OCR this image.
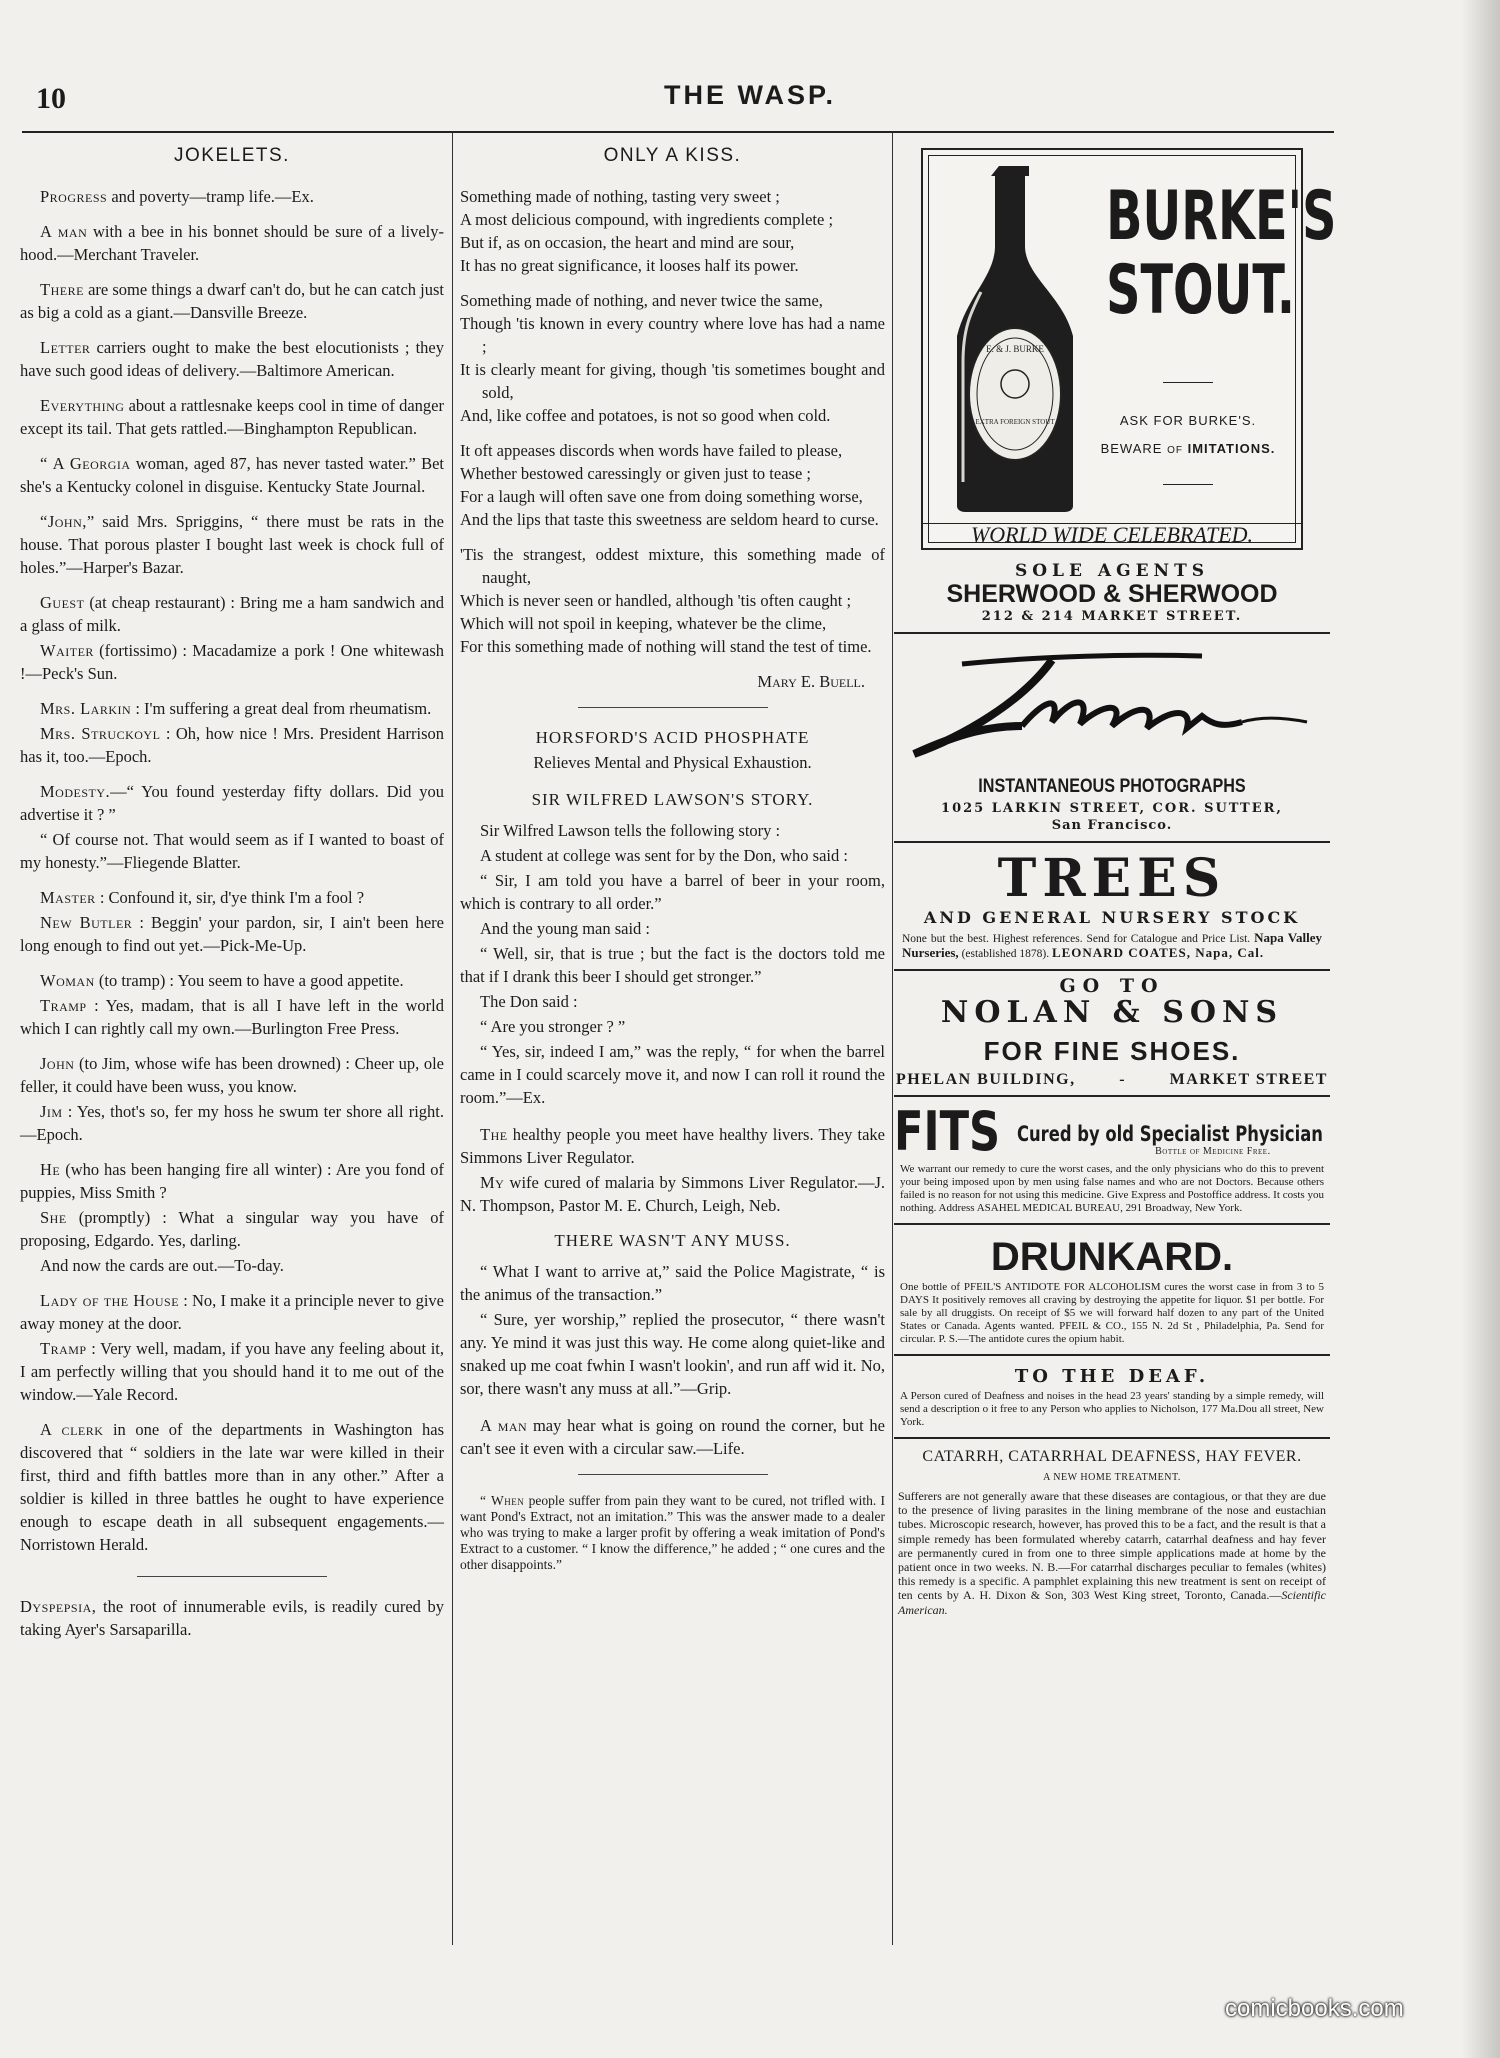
10	THE WASP.
JOKELETS.

Progress and poverty—tramp life.—Ex.

A man with a bee in his bonnet should be sure of a lively-hood.—Merchant Traveler.

There are some things a dwarf can't do, but he can catch just as big a cold as a giant.—Dansville Breeze.

Letter carriers ought to make the best elocutionists ; they have such good ideas of delivery.—Baltimore American.

Everything about a rattlesnake keeps cool in time of danger except its tail. That gets rattled.—Binghampton Republican.

“ A Georgia woman, aged 87, has never tasted water.” Bet she's a Kentucky colonel in disguise. Kentucky State Journal.

“John,” said Mrs. Spriggins, “ there must be rats in the house. That porous plaster I bought last week is chock full of holes.”—Harper's Bazar.

Guest (at cheap restaurant) : Bring me a ham sandwich and a glass of milk.

Waiter (fortissimo) : Macadamize a pork ! One whitewash !—Peck's Sun.

Mrs. Larkin : I'm suffering a great deal from rheumatism.

Mrs. Struckoyl : Oh, how nice ! Mrs. President Harrison has it, too.—Epoch.

Modesty.—“ You found yesterday fifty dollars. Did you advertise it ? ”

“ Of course not. That would seem as if I wanted to boast of my honesty.”—Fliegende Blatter.

Master : Confound it, sir, d'ye think I'm a fool ?

New Butler : Beggin' your pardon, sir, I ain't been here long enough to find out yet.—Pick-Me-Up.

Woman (to tramp) : You seem to have a good appetite.

Tramp : Yes, madam, that is all I have left in the world which I can rightly call my own.—Burlington Free Press.

John (to Jim, whose wife has been drowned) : Cheer up, ole feller, it could have been wuss, you know.

Jim : Yes, thot's so, fer my hoss he swum ter shore all right.—Epoch.

He (who has been hanging fire all winter) : Are you fond of puppies, Miss Smith ?

She (promptly) : What a singular way you have of proposing, Edgardo. Yes, darling.

And now the cards are out.—To-day.

Lady of the House : No, I make it a principle never to give away money at the door.

Tramp : Very well, madam, if you have any feeling about it, I am perfectly willing that you should hand it to me out of the window.—Yale Record.

A clerk in one of the departments in Washington has discovered that “ soldiers in the late war were killed in their first, third and fifth battles more than in any other.” After a soldier is killed in three battles he ought to have experience enough to escape death in all subsequent engagements.—Norristown Herald.

Dyspepsia, the root of innumerable evils, is readily cured by taking Ayer's Sarsaparilla.

ONLY A KISS.
Something made of nothing, tasting very sweet ;
A most delicious compound, with ingredients complete ;
But if, as on occasion, the heart and mind are sour,
It has no great significance, it looses half its power.
Something made of nothing, and never twice the same,
Though 'tis known in every country where love has had a name ;
It is clearly meant for giving, though 'tis sometimes bought and sold,
And, like coffee and potatoes, is not so good when cold.
It oft appeases discords when words have failed to please,
Whether bestowed caressingly or given just to tease ;
For a laugh will often save one from doing something worse,
And the lips that taste this sweetness are seldom heard to curse.
'Tis the strangest, oddest mixture, this something made of naught,
Which is never seen or handled, although 'tis often caught ;
Which will not spoil in keeping, whatever be the clime,
For this something made of nothing will stand the test of time.
Mary E. Buell.
HORSFORD'S ACID PHOSPHATE
Relieves Mental and Physical Exhaustion.
SIR WILFRED LAWSON'S STORY.

Sir Wilfred Lawson tells the following story :

A student at college was sent for by the Don, who said :

“ Sir, I am told you have a barrel of beer in your room, which is contrary to all order.”

And the young man said :

“ Well, sir, that is true ; but the fact is the doctors told me that if I drank this beer I should get stronger.”

The Don said :

“ Are you stronger ? ”

“ Yes, sir, indeed I am,” was the reply, “ for when the barrel came in I could scarcely move it, and now I can roll it round the room.”—Ex.

The healthy people you meet have healthy livers. They take Simmons Liver Regulator.

My wife cured of malaria by Simmons Liver Regulator.—J. N. Thompson, Pastor M. E. Church, Leigh, Neb.

THERE WASN'T ANY MUSS.

“ What I want to arrive at,” said the Police Magistrate, “ is the animus of the transaction.”

“ Sure, yer worship,” replied the prosecutor, “ there wasn't any. Ye mind it was just this way. He come along quiet-like and snaked up me coat fwhin I wasn't lookin', and run aff wid it. No, sor, there wasn't any muss at all.”—Grip.

A man may hear what is going on round the corner, but he can't see it even with a circular saw.—Life.

“ When people suffer from pain they want to be cured, not trifled with. I want Pond's Extract, not an imitation.” This was the answer made to a dealer who was trying to make a larger profit by offering a weak imitation of Pond's Extract to a customer. “ I know the difference,” he added ; “ one cures and the other disappoints.”

E. & J. BURKE
EXTRA FOREIGN STOUT
BURKE'S
STOUT.
ASK FOR BURKE'S.
BEWARE OF IMITATIONS.
WORLD WIDE CELEBRATED.
SOLE AGENTS
SHERWOOD & SHERWOOD
212 & 214 MARKET STREET.
Thors
INSTANTANEOUS PHOTOGRAPHS
1025 LARKIN STREET, COR. SUTTER,
San Francisco.
TREES
AND GENERAL NURSERY STOCK
None but the best. Highest references. Send for Catalogue and Price List. Napa Valley Nurseries, (established 1878). LEONARD COATES, Napa, Cal.
GO TO
NOLAN & SONS
FOR FINE SHOES.
PHELAN BUILDING,	-	MARKET STREET
FITS Cured by old Specialist Physician
Bottle of Medicine Free.
We warrant our remedy to cure the worst cases, and the only physicians who do this to prevent your being imposed upon by men using false names and who are not Doctors. Because others failed is no reason for not using this medicine. Give Express and Postoffice address. It costs you nothing. Address ASAHEL MEDICAL BUREAU, 291 Broadway, New York.
DRUNKARD.
One bottle of PFEIL'S ANTIDOTE FOR ALCOHOLISM cures the worst case in from 3 to 5 DAYS It positively removes all craving by destroying the appetite for liquor. $1 per bottle. For sale by all druggists. On receipt of $5 we will forward half dozen to any part of the United States or Canada. Agents wanted. PFEIL & CO., 155 N. 2d St , Philadelphia, Pa. Send for circular. P. S.—The antidote cures the opium habit.
TO THE DEAF.
A Person cured of Deafness and noises in the head 23 years' standing by a simple remedy, will send a description o it free to any Person who applies to Nicholson, 177 Ma.Dou all street, New York.
CATARRH, CATARRHAL DEAFNESS, HAY FEVER.
A NEW HOME TREATMENT.
Sufferers are not generally aware that these diseases are contagious, or that they are due to the presence of living parasites in the lining membrane of the nose and eustachian tubes. Microscopic research, however, has proved this to be a fact, and the result is that a simple remedy has been formulated whereby catarrh, catarrhal deafness and hay fever are permanently cured in from one to three simple applications made at home by the patient once in two weeks. N. B.—For catarrhal discharges peculiar to females (whites) this remedy is a specific. A pamphlet explaining this new treatment is sent on receipt of ten cents by A. H. Dixon & Son, 303 West King street, Toronto, Canada.—Scientific American.
comicbooks.com
